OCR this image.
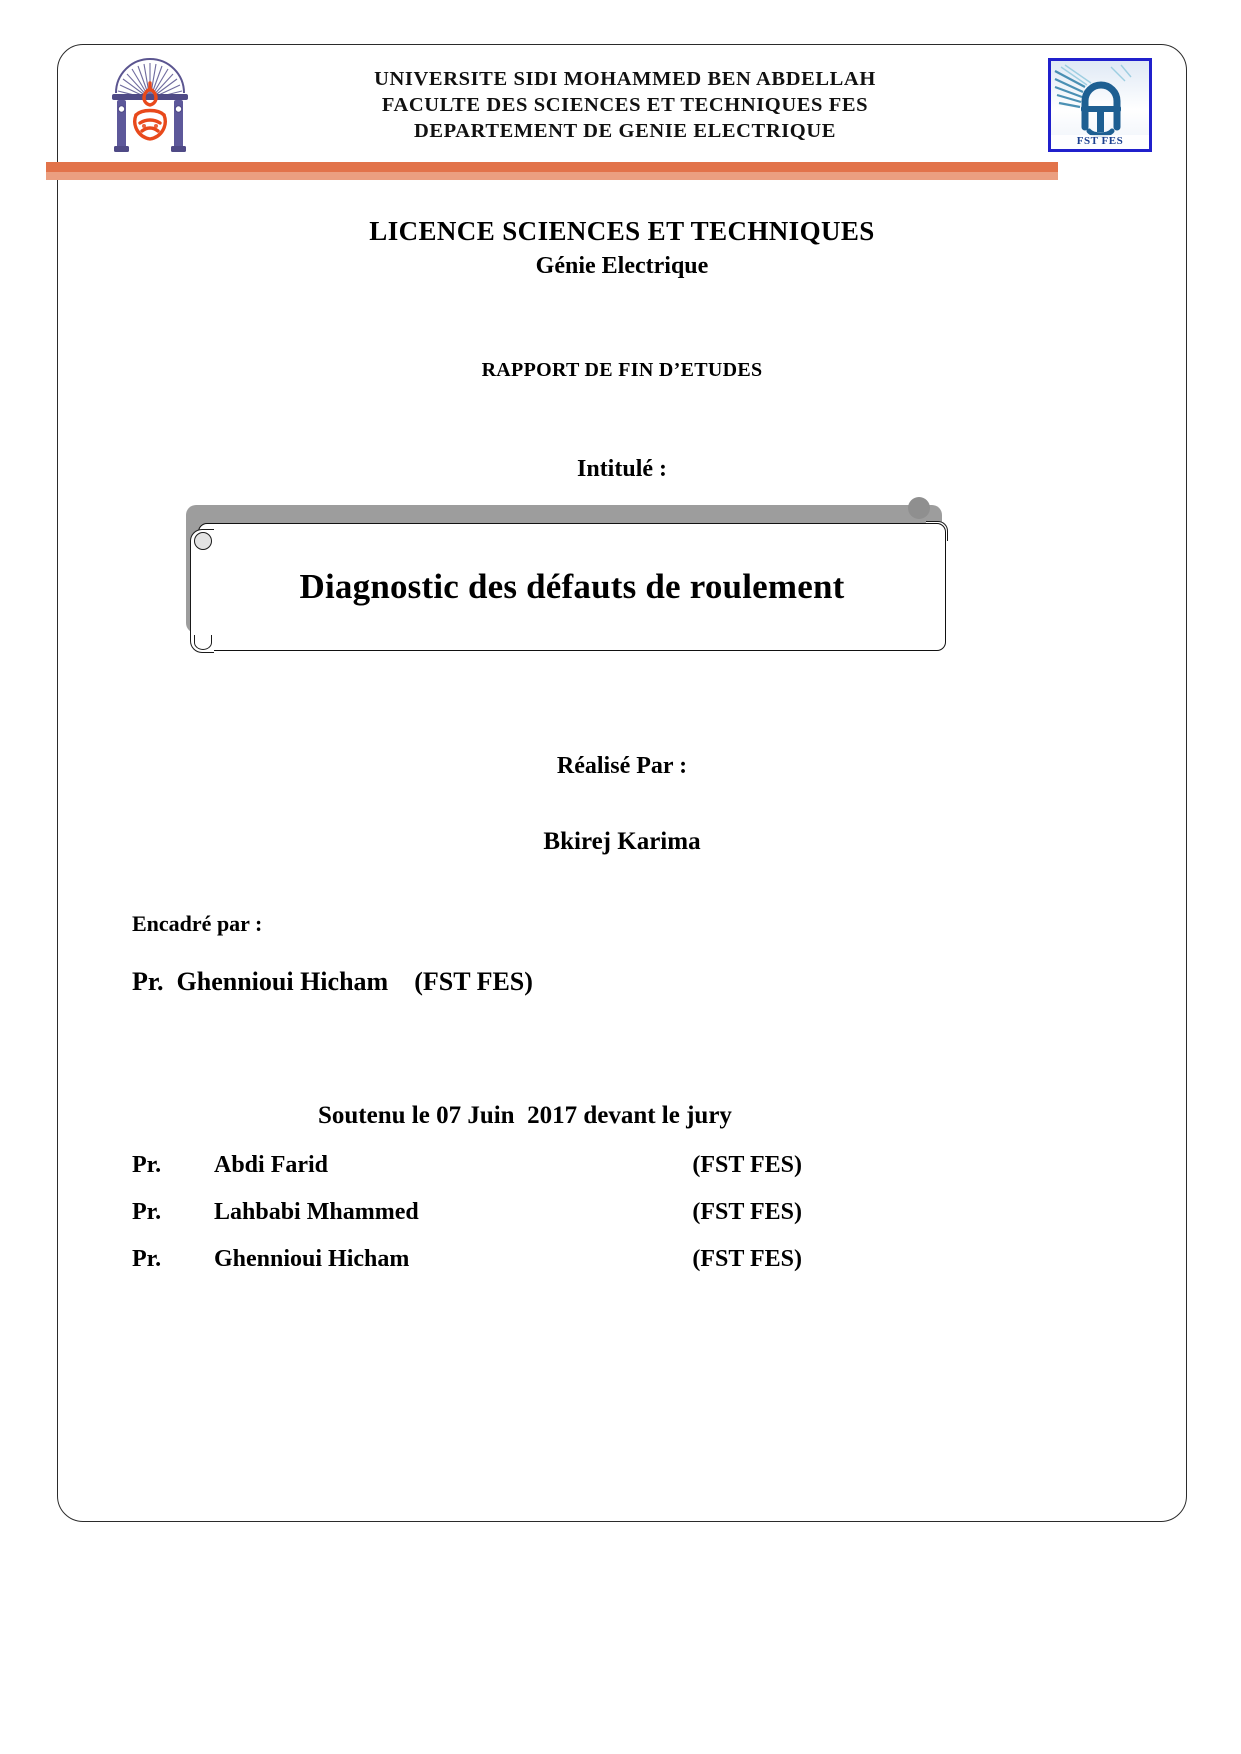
UNIVERSITE SIDI MOHAMMED BEN ABDELLAH
FACULTE DES SCIENCES ET TECHNIQUES FES
DEPARTEMENT DE GENIE ELECTRIQUE	FST FES
LICENCE SCIENCES ET TECHNIQUES
Génie Electrique
RAPPORT DE FIN D’ETUDES
Intitulé :
Diagnostic des défauts de roulement
Réalisé Par :
Bkirej Karima
Encadré par :
Pr.  Ghennioui Hicham    (FST FES)
Soutenu le 07 Juin  2017 devant le jury
Pr.	Abdi Farid	(FST FES)
Pr.	Lahbabi Mhammed	(FST FES)
Pr.	Ghennioui Hicham	(FST FES)
